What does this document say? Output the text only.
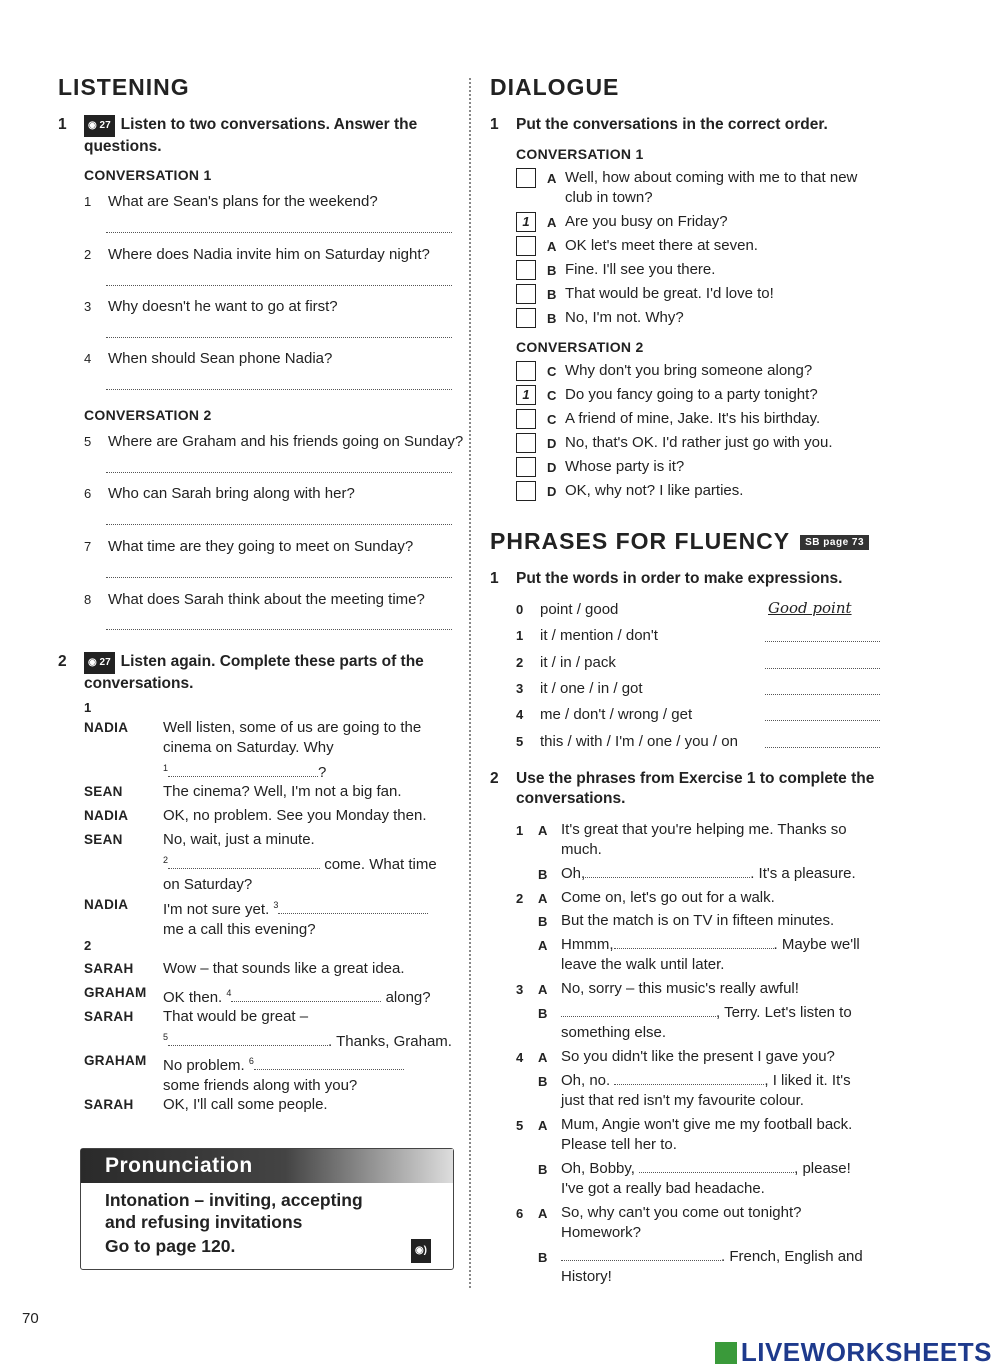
LISTENING
1 ◉ 27 Listen to two conversations. Answer the
questions.
CONVERSATION 1
1 What are Sean's plans for the weekend?
2 Where does Nadia invite him on Saturday night?
3 Why doesn't he want to go at first?
4 When should Sean phone Nadia?
CONVERSATION 2
5 Where are Graham and his friends going on Sunday?
6 Who can Sarah bring along with her?
7 What time are they going to meet on Sunday?
8 What does Sarah think about the meeting time?
2 ◉ 27 Listen again. Complete these parts of the
conversations.
1
NADIA Well listen, some of us are going to the
cinema on Saturday. Why
$^1$	?
SEAN	The cinema? Well, I'm not a big fan.
NADIA OK, no problem. See you Monday then.
SEAN	No, wait, just a minute.
$^2$	come. What time
on Saturday?
NADIA I'm not sure yet. $^3$
me a call this evening?
2
SARAH Wow – that sounds like a great idea.
GRAHAM OK then. $^4$	along?
SARAH That would be great –
$^5$	. Thanks, Graham.
GRAHAM No problem. $^6$
some friends along with you?
SARAH OK, I'll call some people.
Pronunciation
Intonation – inviting, accepting
and refusing invitations
Go to page 120.	◉)
70
DIALOGUE
1 Put the conversations in the correct order.
CONVERSATION 1
A Well, how about coming with me to that new
club in town?
1	A Are you busy on Friday?
A OK let's meet there at seven.
B Fine. I'll see you there.
B That would be great. I'd love to!
B No, I'm not. Why?
CONVERSATION 2
C Why don't you bring someone along?
1	C Do you fancy going to a party tonight?
C A friend of mine, Jake. It's his birthday.
D No, that's OK. I'd rather just go with you.
D Whose party is it?
D OK, why not? I like parties.
PHRASES FOR FLUENCY SB page 73
1 Put the words in order to make expressions.
0 point / good	Good point
1 it / mention / don't
2 it / in / pack
3 it / one / in / got
4 me / don't / wrong / get
5 this / with / I'm / one / you / on
2 Use the phrases from Exercise 1 to complete the
conversations.
1 A It's great that you're helping me. Thanks so
much.
B Oh,	. It's a pleasure.
2 A Come on, let's go out for a walk.
B But the match is on TV in fifteen minutes.
A Hmmm,	. Maybe we'll
leave the walk until later.
3 A No, sorry – this music's really awful!
B	, Terry. Let's listen to
something else.
4 A So you didn't like the present I gave you?
B Oh, no.	, I liked it. It's
just that red isn't my favourite colour.
5 A Mum, Angie won't give me my football back.
Please tell her to.
B Oh, Bobby,	, please!
I've got a really bad headache.
6 A So, why can't you come out tonight?
Homework?
B	. French, English and
History!
LIVEWORKSHEETS
